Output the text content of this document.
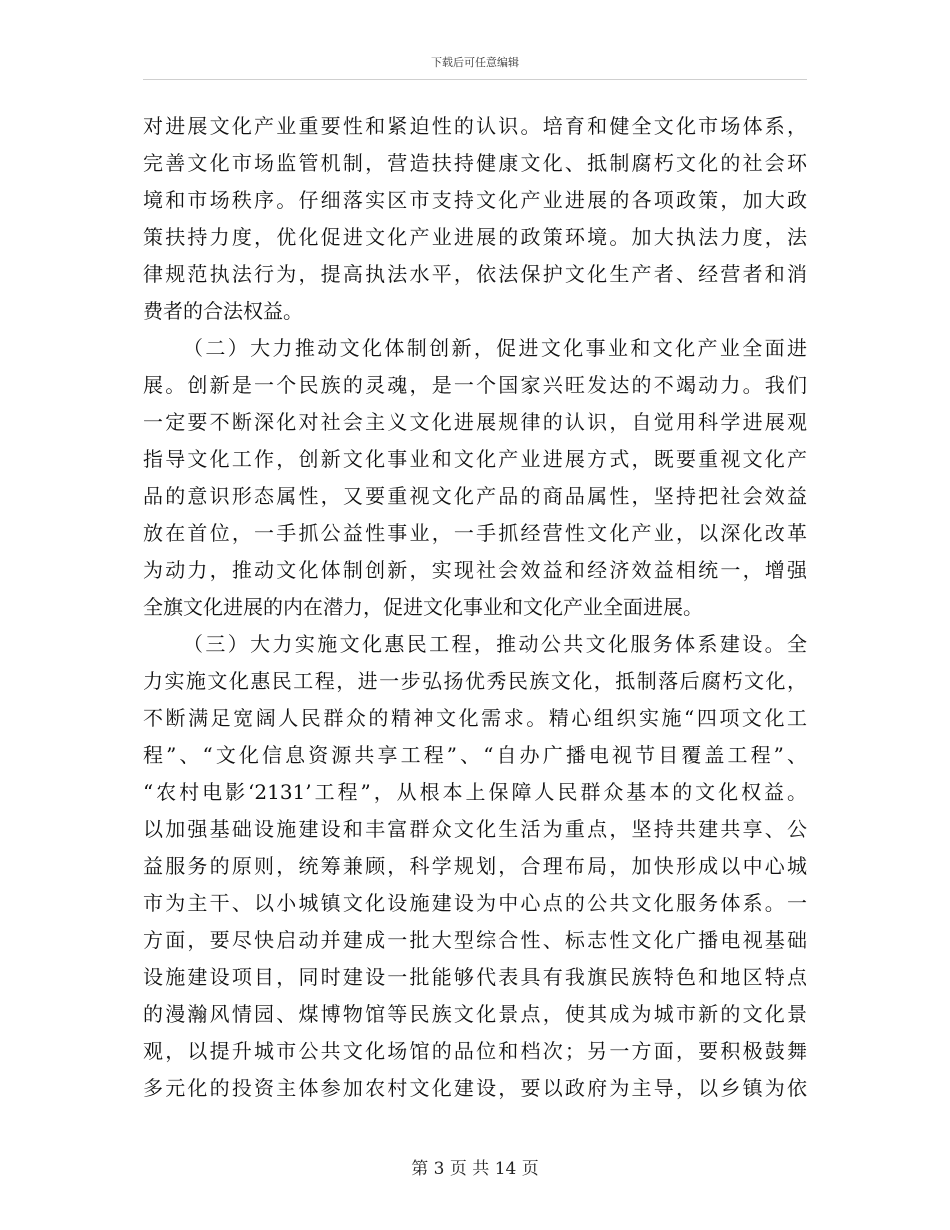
下载后可任意编辑
对进展文化产业重要性和紧迫性的认识。培育和健全文化市场体系，
完善文化市场监管机制，营造扶持健康文化、抵制腐朽文化的社会环
境和市场秩序。仔细落实区市支持文化产业进展的各项政策，加大政
策扶持力度，优化促进文化产业进展的政策环境。加大执法力度，法
律规范执法行为，提高执法水平，依法保护文化生产者、经营者和消
费者的合法权益。
（二）大力推动文化体制创新，促进文化事业和文化产业全面进
展。创新是一个民族的灵魂，是一个国家兴旺发达的不竭动力。我们
一定要不断深化对社会主义文化进展规律的认识，自觉用科学进展观
指导文化工作，创新文化事业和文化产业进展方式，既要重视文化产
品的意识形态属性，又要重视文化产品的商品属性，坚持把社会效益
放在首位，一手抓公益性事业，一手抓经营性文化产业，以深化改革
为动力，推动文化体制创新，实现社会效益和经济效益相统一，增强
全旗文化进展的内在潜力，促进文化事业和文化产业全面进展。
（三）大力实施文化惠民工程，推动公共文化服务体系建设。全
力实施文化惠民工程，进一步弘扬优秀民族文化，抵制落后腐朽文化，
不断满足宽阔人民群众的精神文化需求。精心组织实施“四项文化工
程”、“文化信息资源共享工程”、“自办广播电视节目覆盖工程”、
“农村电影‘2131’工程”，从根本上保障人民群众基本的文化权益。
以加强基础设施建设和丰富群众文化生活为重点，坚持共建共享、公
益服务的原则，统筹兼顾，科学规划，合理布局，加快形成以中心城
市为主干、以小城镇文化设施建设为中心点的公共文化服务体系。一
方面，要尽快启动并建成一批大型综合性、标志性文化广播电视基础
设施建设项目，同时建设一批能够代表具有我旗民族特色和地区特点
的漫瀚风情园、煤博物馆等民族文化景点，使其成为城市新的文化景
观，以提升城市公共文化场馆的品位和档次；另一方面，要积极鼓舞
多元化的投资主体参加农村文化建设，要以政府为主导，以乡镇为依
第 3 页 共 14 页
